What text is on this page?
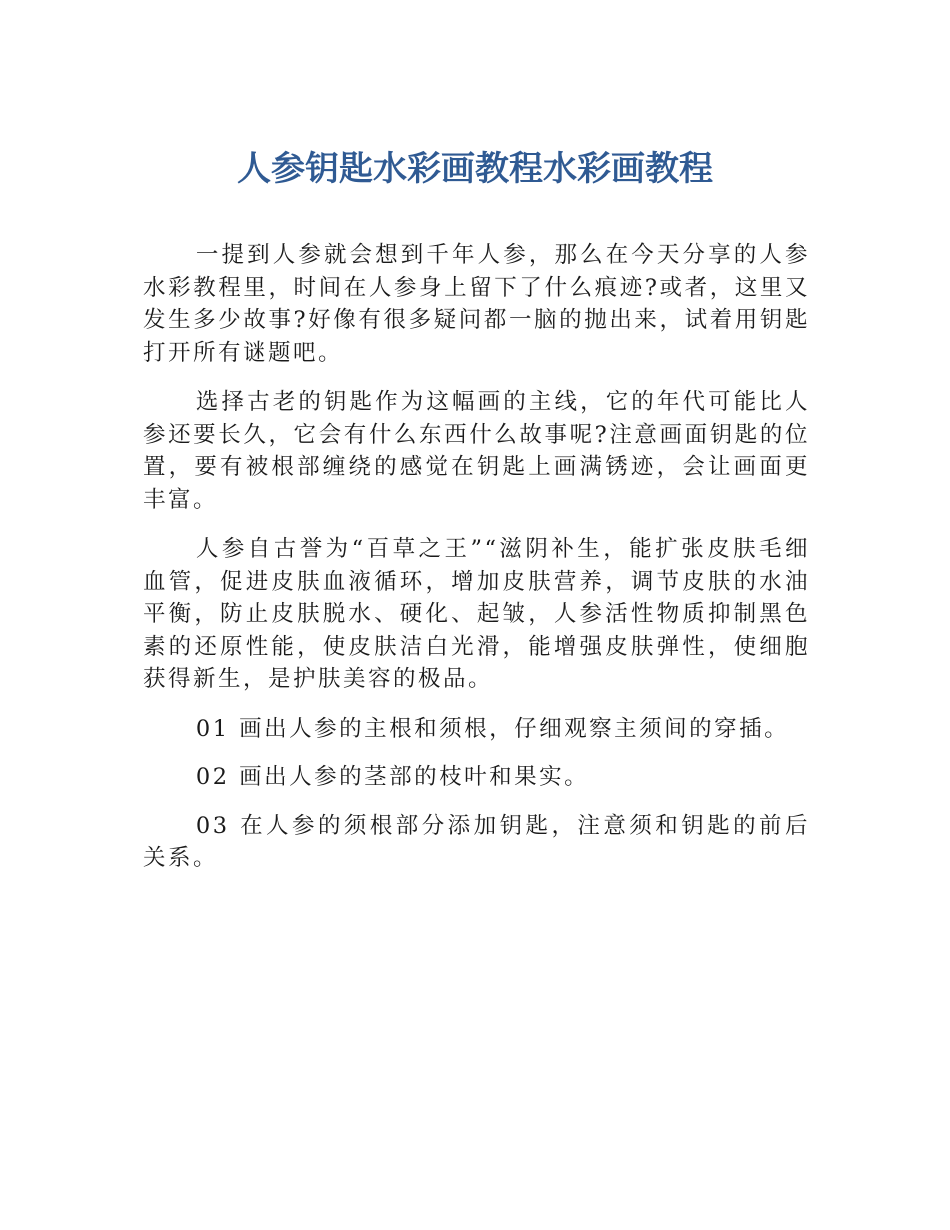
人参钥匙水彩画教程水彩画教程

一提到人参就会想到千年人参，那么在今天分享的人参水彩教程里，时间在人参身上留下了什么痕迹?或者，这里又发生多少故事?好像有很多疑问都一脑的抛出来，试着用钥匙打开所有谜题吧。

选择古老的钥匙作为这幅画的主线，它的年代可能比人参还要长久，它会有什么东西什么故事呢?注意画面钥匙的位置，要有被根部缠绕的感觉在钥匙上画满锈迹，会让画面更丰富。

人参自古誉为“百草之王”“滋阴补生，能扩张皮肤毛细血管，促进皮肤血液循环，增加皮肤营养，调节皮肤的水油平衡，防止皮肤脱水、硬化、起皱，人参活性物质抑制黑色素的还原性能，使皮肤洁白光滑，能增强皮肤弹性，使细胞获得新生，是护肤美容的极品。

01 画出人参的主根和须根，仔细观察主须间的穿插。

02 画出人参的茎部的枝叶和果实。

03 在人参的须根部分添加钥匙，注意须和钥匙的前后关系。
